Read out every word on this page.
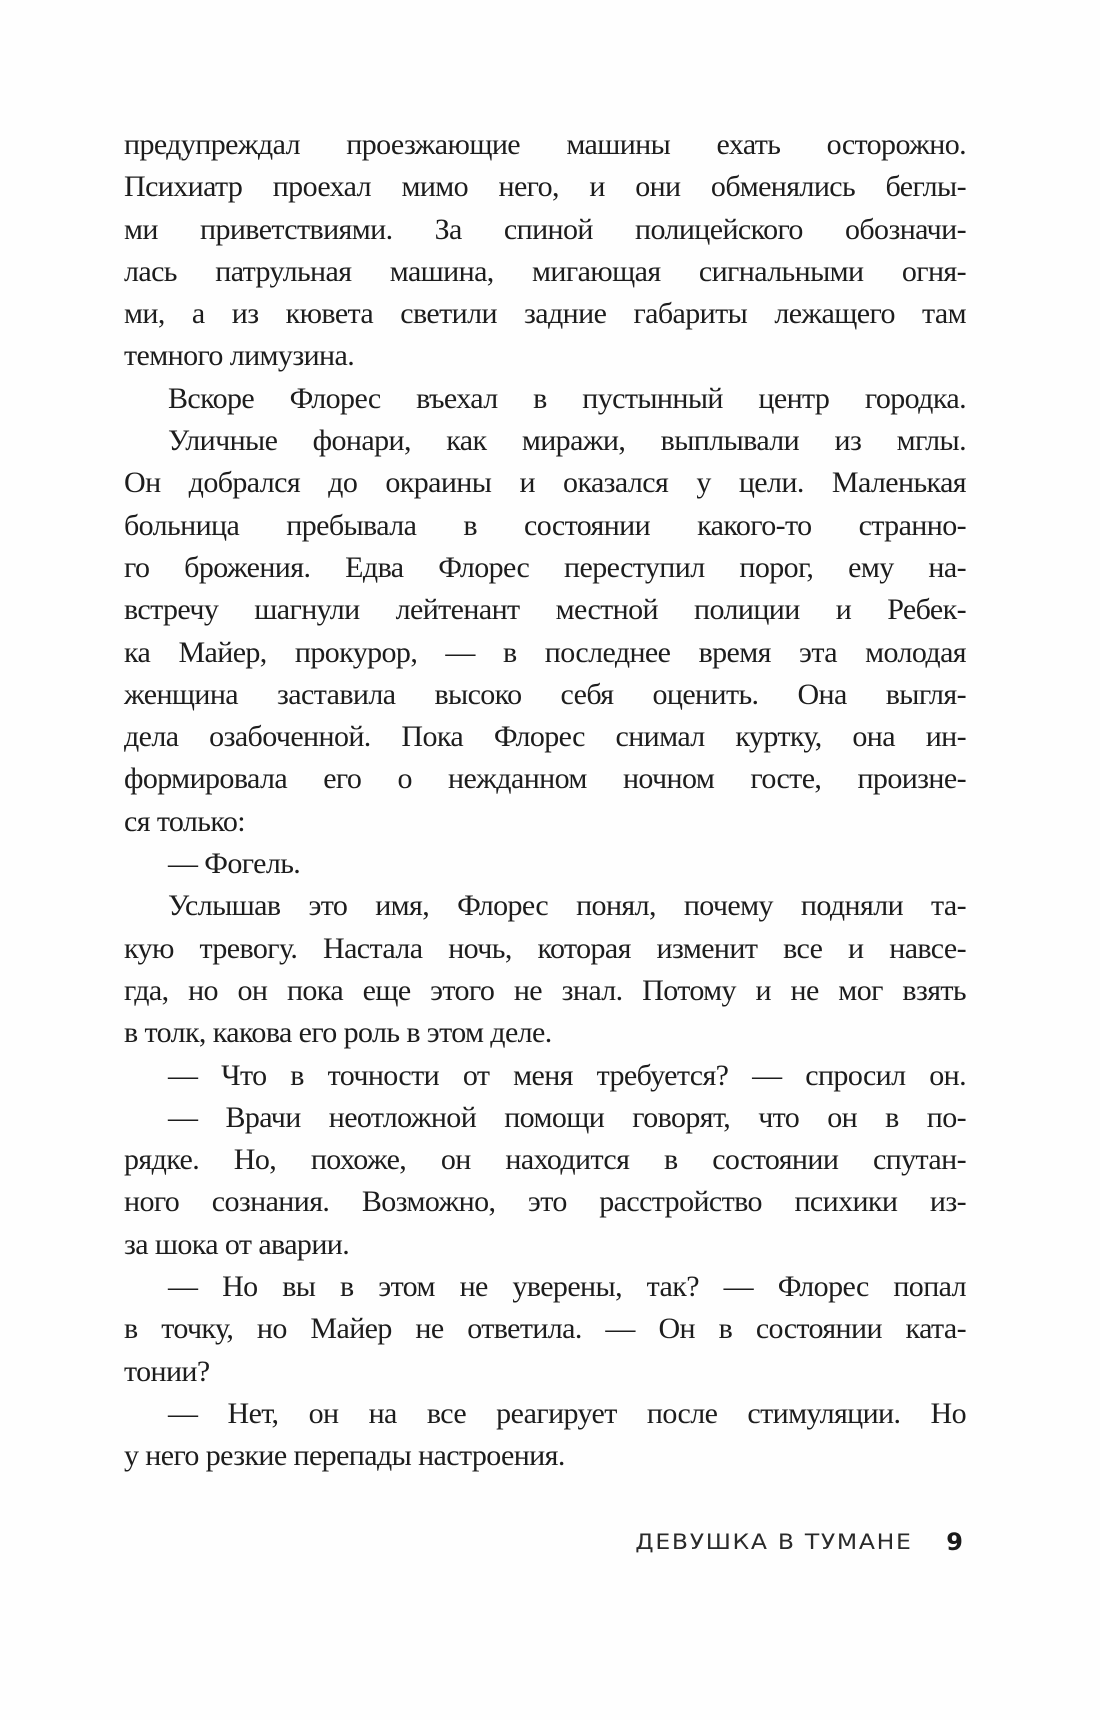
предупреждал проезжающие машины ехать осторожно.
Психиатр проехал мимо него, и они обменялись беглы-
ми приветствиями. За спиной полицейского обозначи-
лась патрульная машина, мигающая сигнальными огня-
ми, а из кювета светили задние габариты лежащего там
темного лимузина.
Вскоре Флорес въехал в пустынный центр городка.
Уличные фонари, как миражи, выплывали из мглы.
Он добрался до окраины и оказался у цели. Маленькая
больница пребывала в состоянии какого-то странно-
го брожения. Едва Флорес переступил порог, ему на-
встречу шагнули лейтенант местной полиции и Ребек-
ка Майер, прокурор, — в последнее время эта молодая
женщина заставила высоко себя оценить. Она выгля-
дела озабоченной. Пока Флорес снимал куртку, она ин-
формировала его о нежданном ночном госте, произне-
ся только:
— Фогель.
Услышав это имя, Флорес понял, почему подняли та-
кую тревогу. Настала ночь, которая изменит все и навсе-
гда, но он пока еще этого не знал. Потому и не мог взять
в толк, какова его роль в этом деле.
— Что в точности от меня требуется? — спросил он.
— Врачи неотложной помощи говорят, что он в по-
рядке. Но, похоже, он находится в состоянии спутан-
ного сознания. Возможно, это расстройство психики из-
за шока от аварии.
— Но вы в этом не уверены, так? — Флорес попал
в точку, но Майер не ответила. — Он в состоянии ката-
тонии?
— Нет, он на все реагирует после стимуляции. Но
у него резкие перепады настроения.
ДЕВУШКА В ТУМАНЕ 9
